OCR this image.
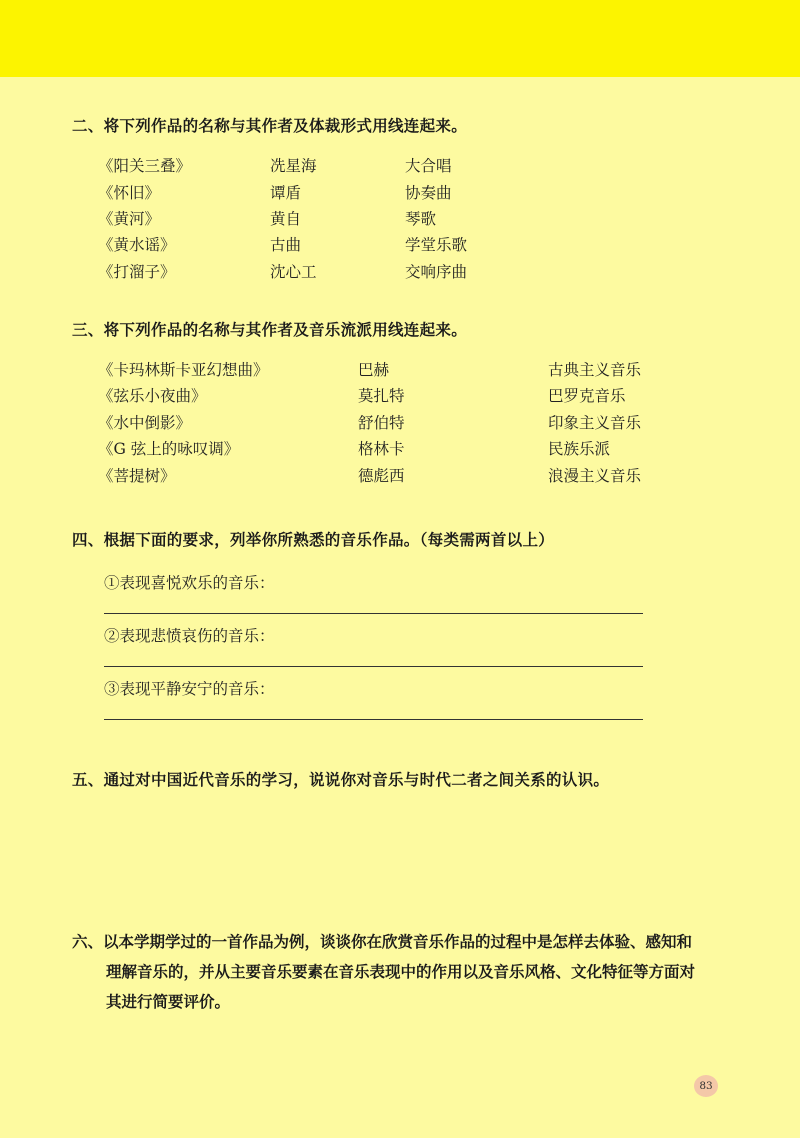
二、将下列作品的名称与其作者及体裁形式用线连起来。
《阳关三叠》	冼星海	大合唱
《怀旧》	谭盾	协奏曲
《黄河》	黄自	琴歌
《黄水谣》	古曲	学堂乐歌
《打溜子》	沈心工	交响序曲
三、将下列作品的名称与其作者及音乐流派用线连起来。
《卡玛林斯卡亚幻想曲》	巴赫	古典主义音乐
《弦乐小夜曲》	莫扎特	巴罗克音乐
《水中倒影》	舒伯特	印象主义音乐
《G 弦上的咏叹调》	格林卡	民族乐派
《菩提树》	德彪西	浪漫主义音乐
四、根据下面的要求，列举你所熟悉的音乐作品。（每类需两首以上）
①表现喜悦欢乐的音乐：
②表现悲愤哀伤的音乐：
③表现平静安宁的音乐：
五、通过对中国近代音乐的学习，说说你对音乐与时代二者之间关系的认识。
六、以本学期学过的一首作品为例，谈谈你在欣赏音乐作品的过程中是怎样去体验、感知和
理解音乐的，并从主要音乐要素在音乐表现中的作用以及音乐风格、文化特征等方面对
其进行简要评价。
83
